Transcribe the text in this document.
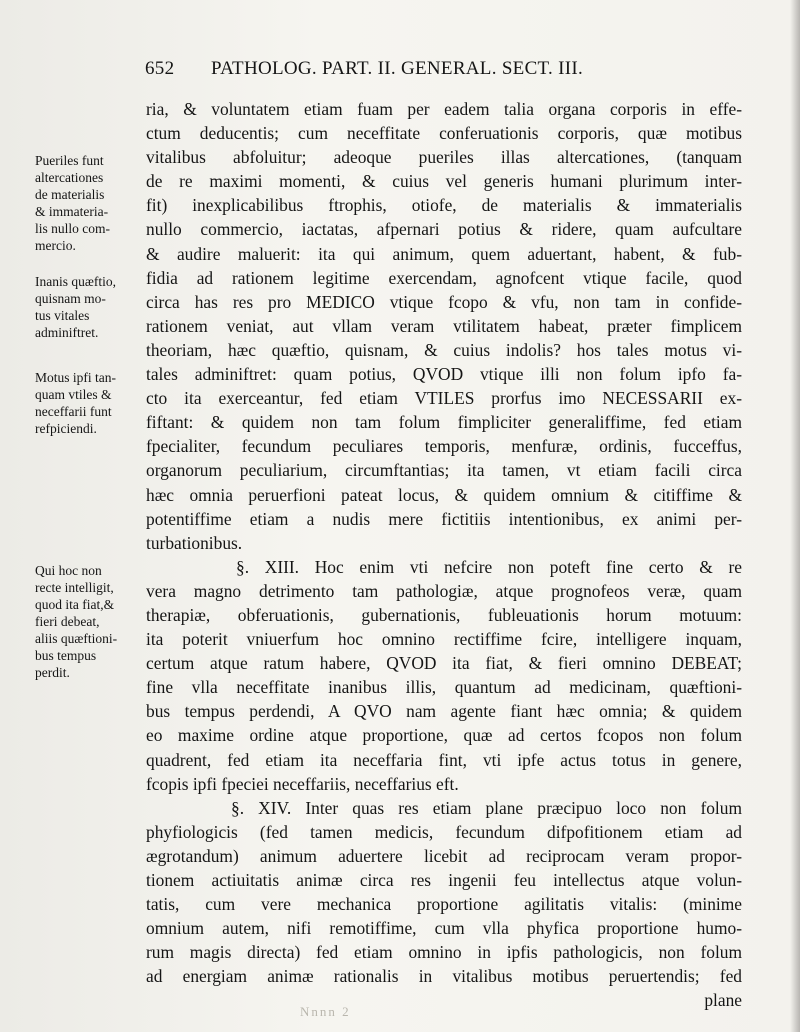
652 PATHOLOG. PART. II. GENERAL. SECT. III.
Pueriles funt
altercationes
de materialis
& immateria-
lis nullo com-
mercio.
Inanis quæftio,
quisnam mo-
tus vitales
adminiftret.
Motus ipfi tan-
quam vtiles &
neceffarii funt
refpiciendi.
Qui hoc non
recte intelligit,
quod ita fiat,&
fieri debeat,
aliis quæftioni-
bus tempus
perdit.
ria, & voluntatem etiam fuam per eadem talia organa corporis in effe-
ctum deducentis; cum neceffitate conferuationis corporis, quæ motibus
vitalibus abfoluitur; adeoque pueriles illas altercationes, (tanquam
de re maximi momenti, & cuius vel generis humani plurimum inter-
fit) inexplicabilibus ftrophis, otiofe, de materialis & immaterialis
nullo commercio, iactatas, afpernari potius & ridere, quam aufcultare
& audire maluerit: ita qui animum, quem aduertant, habent, & fub-
fidia ad rationem legitime exercendam, agnofcent vtique facile, quod
circa has res pro MEDICO vtique fcopo & vfu, non tam in confide-
rationem veniat, aut vllam veram vtilitatem habeat, præter fimplicem
theoriam, hæc quæftio, quisnam, & cuius indolis? hos tales motus vi-
tales adminiftret: quam potius, QVOD vtique illi non folum ipfo fa-
cto ita exerceantur, fed etiam VTILES prorfus imo NECESSARII ex-
fiftant: & quidem non tam folum fimpliciter generaliffime, fed etiam
fpecialiter, fecundum peculiares temporis, menfuræ, ordinis, fucceffus,
organorum peculiarium, circumftantias; ita tamen, vt etiam facili circa
hæc omnia peruerfioni pateat locus, & quidem omnium & citiffime &
potentiffime etiam a nudis mere fictitiis intentionibus, ex animi per-
turbationibus.
§. XIII. Hoc enim vti nefcire non poteft fine certo & re
vera magno detrimento tam pathologiæ, atque prognofeos veræ, quam
therapiæ, obferuationis, gubernationis, fubleuationis horum motuum:
ita poterit vniuerfum hoc omnino rectiffime fcire, intelligere inquam,
certum atque ratum habere, QVOD ita fiat, & fieri omnino DEBEAT;
fine vlla neceffitate inanibus illis, quantum ad medicinam, quæftioni-
bus tempus perdendi, A QVO nam agente fiant hæc omnia; & quidem
eo maxime ordine atque proportione, quæ ad certos fcopos non folum
quadrent, fed etiam ita neceffaria fint, vti ipfe actus totus in genere,
fcopis ipfi fpeciei neceffariis, neceffarius eft.
§. XIV. Inter quas res etiam plane præcipuo loco non folum
phyfiologicis (fed tamen medicis, fecundum difpofitionem etiam ad
ægrotandum) animum aduertere licebit ad reciprocam veram propor-
tionem actiuitatis animæ circa res ingenii feu intellectus atque volun-
tatis, cum vere mechanica proportione agilitatis vitalis: (minime
omnium autem, nifi remotiffime, cum vlla phyfica proportione humo-
rum magis directa) fed etiam omnino in ipfis pathologicis, non folum
ad energiam animæ rationalis in vitalibus motibus peruertendis; fed
plane
Nnnn 2
